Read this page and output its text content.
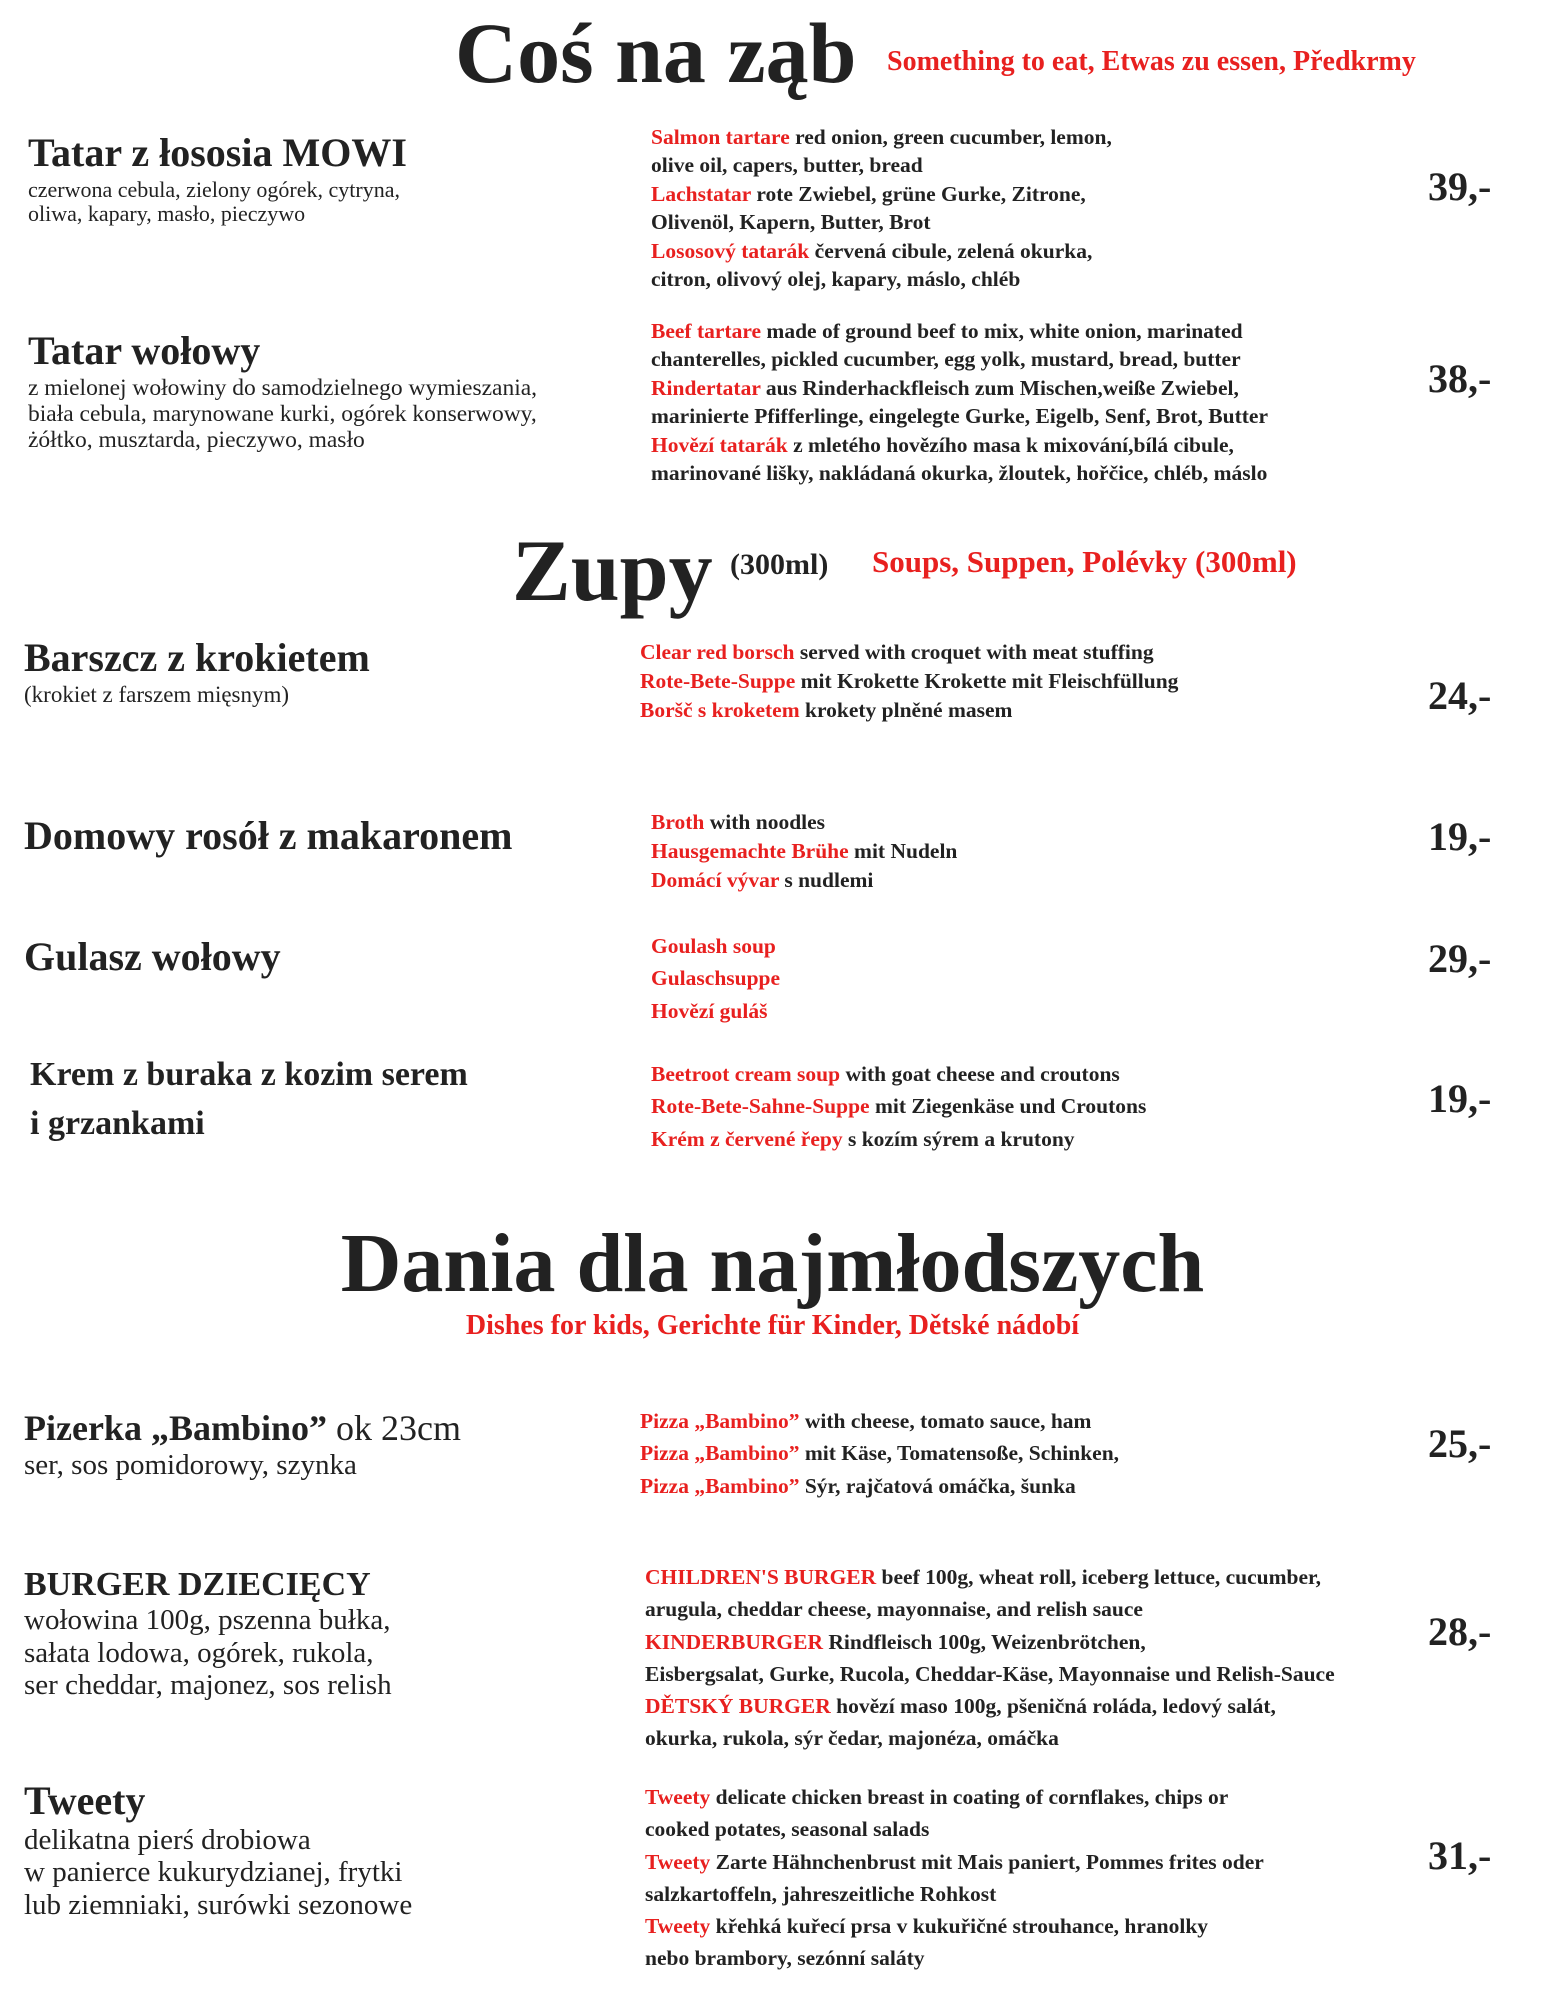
Coś na ząb Something to eat, Etwas zu essen, Předkrmy
Tatar z łososia MOWI
czerwona cebula, zielony ogórek, cytryna,
oliwa, kapary, masło, pieczywo
Salmon tartare red onion, green cucumber, lemon,
olive oil, capers, butter, bread
Lachstatar rote Zwiebel, grüne Gurke, Zitrone,
Olivenöl, Kapern, Butter, Brot
Lososový tatarák červená cibule, zelená okurka,
citron, olivový olej, kapary, máslo, chléb
39,-
Tatar wołowy
z mielonej wołowiny do samodzielnego wymieszania,
biała cebula, marynowane kurki, ogórek konserwowy,
żółtko, musztarda, pieczywo, masło
Beef tartare made of ground beef to mix, white onion, marinated
chanterelles, pickled cucumber, egg yolk, mustard, bread, butter
Rindertatar aus Rinderhackfleisch zum Mischen,weiße Zwiebel,
marinierte Pfifferlinge, eingelegte Gurke, Eigelb, Senf, Brot, Butter
Hovězí tatarák z mletého hovězího masa k mixování,bílá cibule,
marinované lišky, nakládaná okurka, žloutek, hořčice, chléb, máslo
38,-
Zupy (300ml) Soups, Suppen, Polévky (300ml)
Barszcz z krokietem
(krokiet z farszem mięsnym)
Clear red borsch served with croquet with meat stuffing
Rote-Bete-Suppe mit Krokette Krokette mit Fleischfüllung
Boršč s kroketem krokety plněné masem	24,-
Domowy rosół z makaronem	Broth with noodles
Hausgemachte Brühe mit Nudeln
Domácí vývar s nudlemi
19,-
Gulasz wołowy	Goulash soup
Gulaschsuppe
Hovězí guláš
29,-
Krem z buraka z kozim serem
i grzankami
Beetroot cream soup with goat cheese and croutons
Rote-Bete-Sahne-Suppe mit Ziegenkäse und Croutons
Krém z červené řepy s kozím sýrem a krutony
19,-
Dania dla najmłodszych
Dishes for kids, Gerichte für Kinder, Dětské nádobí
Pizerka „Bambino” ok 23cm
ser, sos pomidorowy, szynka
Pizza „Bambino” with cheese, tomato sauce, ham
Pizza „Bambino” mit Käse, Tomatensoße, Schinken,
Pizza „Bambino” Sýr, rajčatová omáčka, šunka
25,-
BURGER DZIECIĘCY
wołowina 100g, pszenna bułka,
sałata lodowa, ogórek, rukola,
ser cheddar, majonez, sos relish
CHILDREN'S BURGER beef 100g, wheat roll, iceberg lettuce, cucumber,
arugula, cheddar cheese, mayonnaise, and relish sauce
KINDERBURGER Rindfleisch 100g, Weizenbrötchen,
Eisbergsalat, Gurke, Rucola, Cheddar-Käse, Mayonnaise und Relish-Sauce
DĚTSKÝ BURGER hovězí maso 100g, pšeničná roláda, ledový salát,
okurka, rukola, sýr čedar, majonéza, omáčka
28,-
Tweety
delikatna pierś drobiowa
w panierce kukurydzianej, frytki
lub ziemniaki, surówki sezonowe
Tweety delicate chicken breast in coating of cornflakes, chips or
cooked potates, seasonal salads
Tweety Zarte Hähnchenbrust mit Mais paniert, Pommes frites oder
salzkartoffeln, jahreszeitliche Rohkost
Tweety křehká kuřecí prsa v kukuřičné strouhance, hranolky
nebo brambory, sezónní saláty
31,-
